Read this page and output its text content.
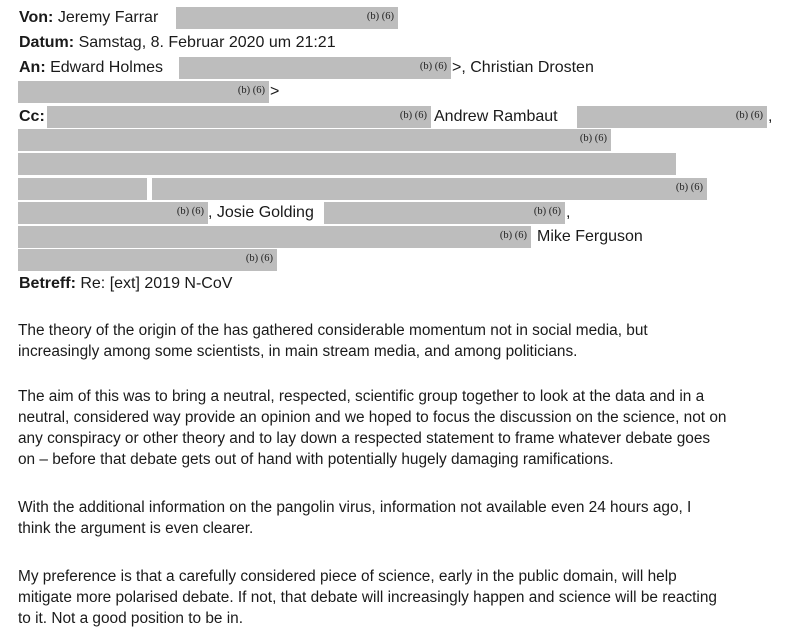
Von: Jeremy Farrar	(b) (6)
Datum: Samstag, 8. Februar 2020 um 21:21
An: Edward Holmes	(b) (6) >, Christian Drosten
(b) (6) >
Cc:	(b) (6) Andrew Rambaut	(b) (6) ,
(b) (6)
(b) (6)
(b) (6) , Josie Golding	(b) (6) ,
(b) (6) Mike Ferguson
(b) (6)
Betreff: Re: [ext] 2019 N-CoV
The theory of the origin of the has gathered considerable momentum not in social media, but
increasingly among some scientists, in main stream media, and among politicians.
The aim of this was to bring a neutral, respected, scientific group together to look at the data and in a
neutral, considered way provide an opinion and we hoped to focus the discussion on the science, not on
any conspiracy or other theory and to lay down a respected statement to frame whatever debate goes
on – before that debate gets out of hand with potentially hugely damaging ramifications.
With the additional information on the pangolin virus, information not available even 24 hours ago, I
think the argument is even clearer.
My preference is that a carefully considered piece of science, early in the public domain, will help
mitigate more polarised debate. If not, that debate will increasingly happen and science will be reacting
to it. Not a good position to be in.
